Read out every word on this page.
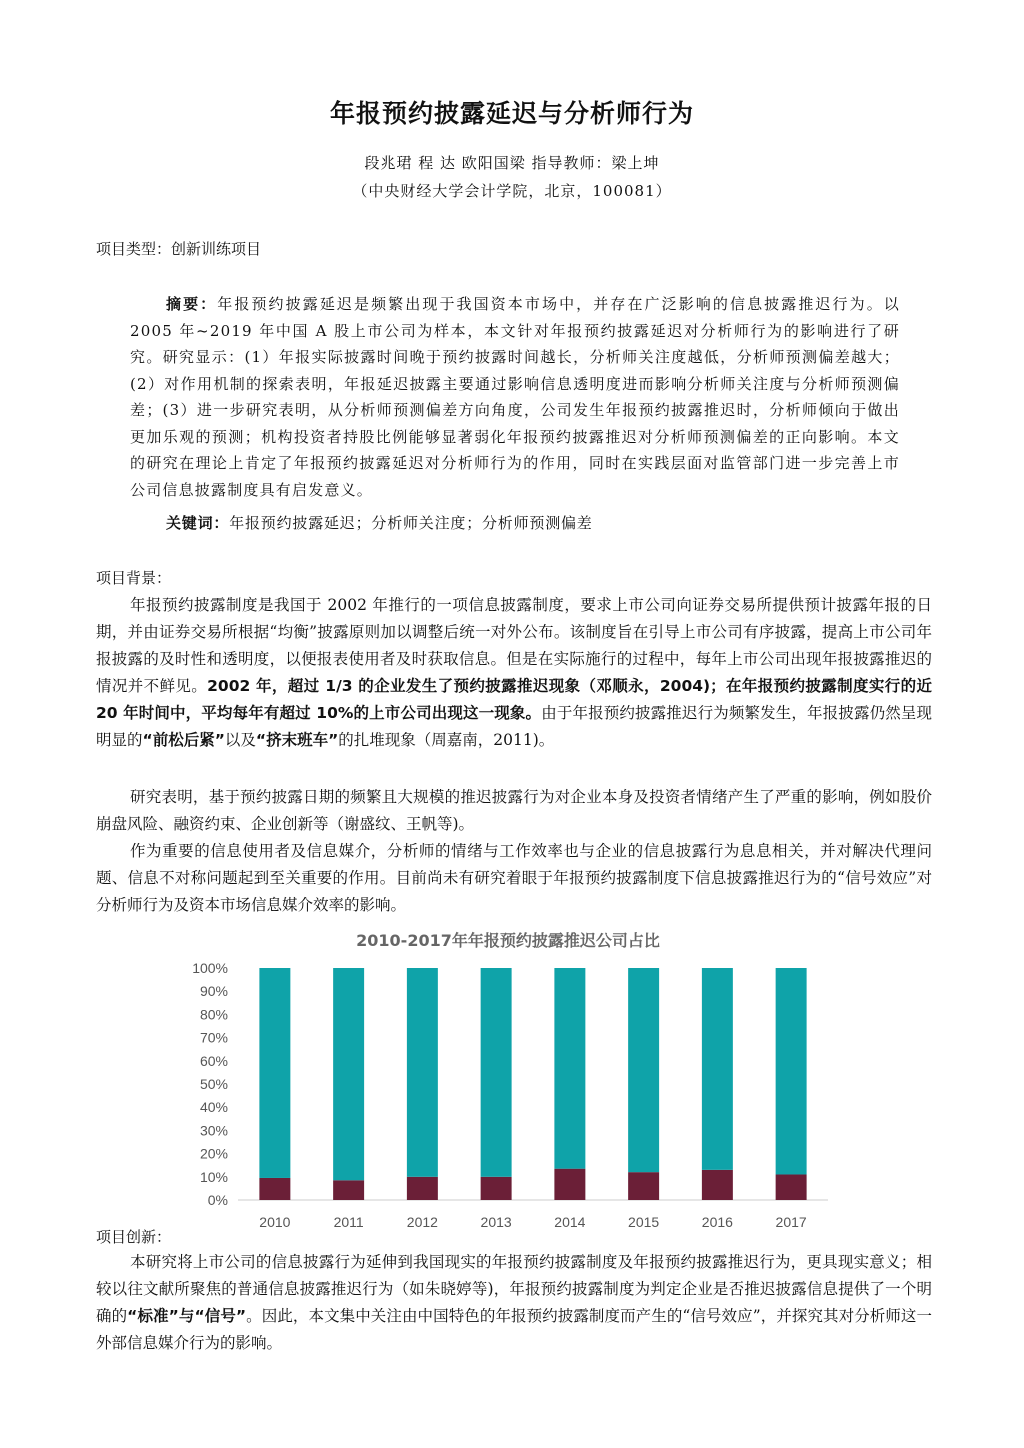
年报预约披露延迟与分析师行为
段兆珺 程 达 欧阳国梁 指导教师：梁上坤
（中央财经大学会计学院，北京，100081）
项目类型：创新训练项目

摘要：年报预约披露延迟是频繁出现于我国资本市场中，并存在广泛影响的信息披露推迟行为。以 2005 年~2019 年中国 A 股上市公司为样本，本文针对年报预约披露延迟对分析师行为的影响进行了研究。研究显示：(1）年报实际披露时间晚于预约披露时间越长，分析师关注度越低，分析师预测偏差越大；(2）对作用机制的探索表明，年报延迟披露主要通过影响信息透明度进而影响分析师关注度与分析师预测偏差；(3）进一步研究表明，从分析师预测偏差方向角度，公司发生年报预约披露推迟时，分析师倾向于做出更加乐观的预测；机构投资者持股比例能够显著弱化年报预约披露推迟对分析师预测偏差的正向影响。本文的研究在理论上肯定了年报预约披露延迟对分析师行为的作用，同时在实践层面对监管部门进一步完善上市公司信息披露制度具有启发意义。

关键词：年报预约披露延迟；分析师关注度；分析师预测偏差
项目背景：

年报预约披露制度是我国于 2002 年推行的一项信息披露制度，要求上市公司向证券交易所提供预计披露年报的日期，并由证券交易所根据“均衡”披露原则加以调整后统一对外公布。该制度旨在引导上市公司有序披露，提高上市公司年报披露的及时性和透明度，以便报表使用者及时获取信息。但是在实际施行的过程中，每年上市公司出现年报披露推迟的情况并不鲜见。2002 年，超过 1/3 的企业发生了预约披露推迟现象（邓顺永，2004)；在年报预约披露制度实行的近 20 年时间中，平均每年有超过 10%的上市公司出现这一现象。由于年报预约披露推迟行为频繁发生，年报披露仍然呈现明显的“前松后紧”以及“挤末班车”的扎堆现象（周嘉南，2011)。

研究表明，基于预约披露日期的频繁且大规模的推迟披露行为对企业本身及投资者情绪产生了严重的影响，例如股价崩盘风险、融资约束、企业创新等（谢盛纹、王帆等)。

作为重要的信息使用者及信息媒介，分析师的情绪与工作效率也与企业的信息披露行为息息相关，并对解决代理问题、信息不对称问题起到至关重要的作用。目前尚未有研究着眼于年报预约披露制度下信息披露推迟行为的“信号效应”对分析师行为及资本市场信息媒介效率的影响。

2010-2017年年报预约披露推迟公司占比
0%
10%
20%
30%
40%
50%
60%
70%
80%
90%
100%
2010	2011	2012	2013	2014	2015	2016	2017
项目创新：

本研究将上市公司的信息披露行为延伸到我国现实的年报预约披露制度及年报预约披露推迟行为，更具现实意义；相较以往文献所聚焦的普通信息披露推迟行为（如朱晓婷等)，年报预约披露制度为判定企业是否推迟披露信息提供了一个明确的“标准”与“信号”。因此，本文集中关注由中国特色的年报预约披露制度而产生的“信号效应”，并探究其对分析师这一外部信息媒介行为的影响。
